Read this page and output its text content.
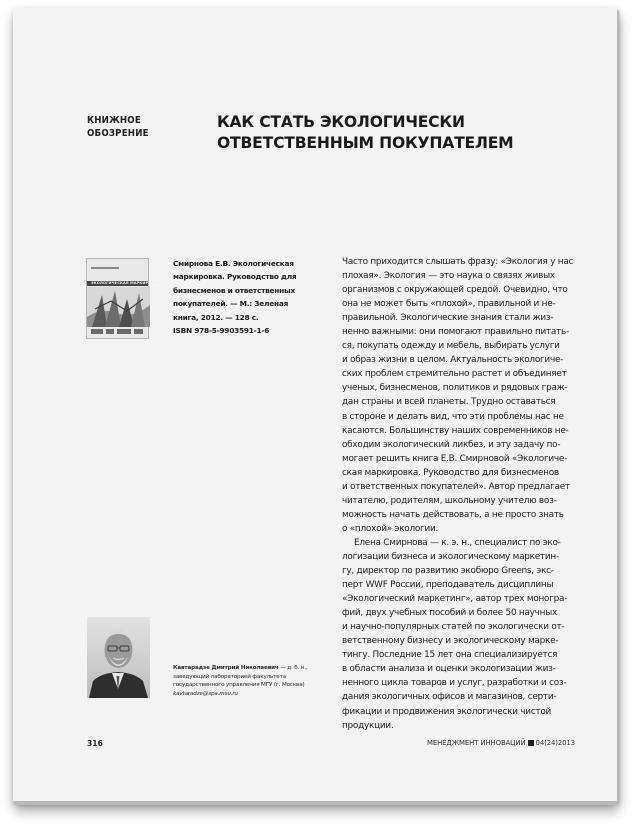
КНИЖНОЕ
ОБОЗРЕНИЕ
КАК СТАТЬ ЭКОЛОГИЧЕСКИ ОТВЕТСТВЕННЫМ ПОКУПАТЕЛЕМ
ЭКОЛОГИЧЕСКАЯ МАРКИРОВКА
Смирнова Е.В. Экологическая
маркировка. Руководство для
бизнесменов и ответственных
покупателей. — М.: Зеленая
книга, 2012. — 128 с.
ISBN 978-5-9903591-1-6
Часто приходится слышать фразу: «Экология у нас
плохая». Экология — это наука о связях живых
организмов с окружающей средой. Очевидно, что
она не может быть «плохой», правильной и не-
правильной. Экологические знания стали жиз-
ненно важными: они помогают правильно питать-
ся, покупать одежду и мебель, выбирать услуги
и образ жизни в целом. Актуальность экологиче-
ских проблем стремительно растет и объединяет
ученых, бизнесменов, политиков и рядовых граж-
дан страны и всей планеты. Трудно оставаться
в стороне и делать вид, что эти проблемы нас не
касаются. Большинству наших современников не-
обходим экологический ликбез, и эту задачу по-
могает решить книга Е.В. Смирновой «Экологиче-
ская маркировка. Руководство для бизнесменов
и ответственных покупателей». Автор предлагает
читателю, родителям, школьному учителю воз-
можность начать действовать, а не просто знать
о «плохой» экологии.
Елена Смирнова — к. э. н., специалист по эко-
логизации бизнеса и экологическому маркетин-
гу, директор по развитию экобюро Greens, экс-
перт WWF России, преподаватель дисциплины
«Экологический маркетинг», автор трех моногра-
фий, двух учебных пособий и более 50 научных
и научно-популярных статей по экологически от-
ветственному бизнесу и экологическому марке-
тингу. Последние 15 лет она специализируется
в области анализа и оценки экологизации жиз-
ненного цикла товаров и услуг, разработки и соз-
дания экологичных офисов и магазинов, серти-
фикации и продвижения экологически чистой
продукции.
Кавтарадзе Дмитрий Николаевич — д. б. н., заведующий лабораторией факультета государственного управления МГУ (г. Москва)
kavtaradze@spa.msu.ru
316	МЕНЕДЖМЕНТ ИННОВАЦИЙ 04(24)2013
